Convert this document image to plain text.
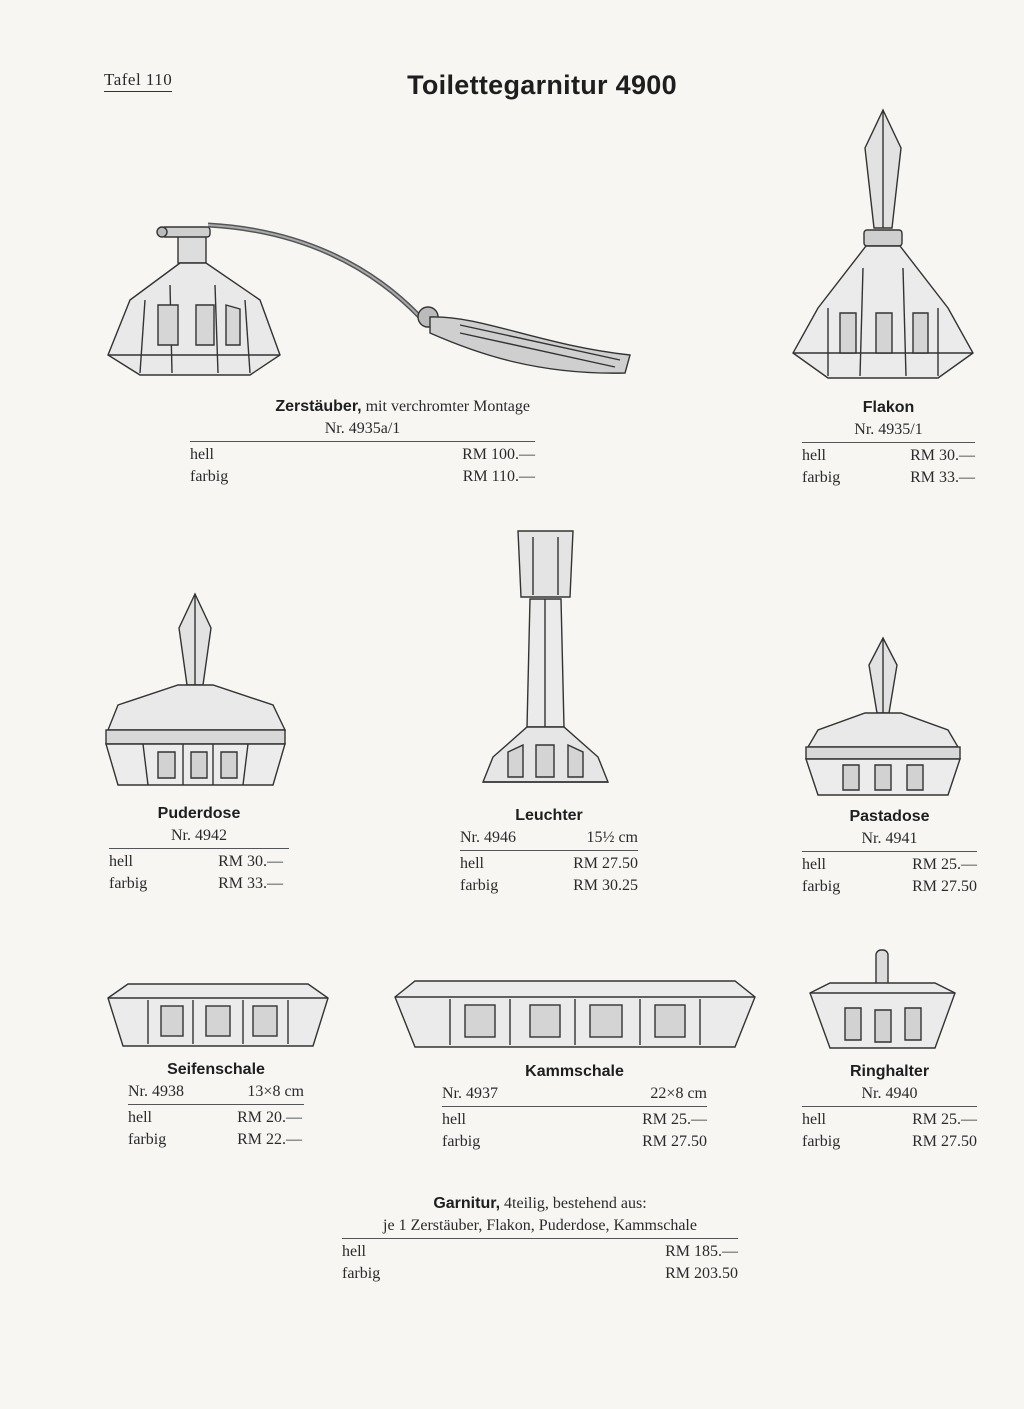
Tafel 110	Toilettegarnitur 4900
Zerstäuber, mit verchromter Montage
Nr. 4935a/1
hell	RM 100.—
farbig	RM 110.—
Flakon
Nr. 4935/1
hell	RM 30.—
farbig	RM 33.—
Puderdose
Nr. 4942
hell	RM 30.—
farbig	RM 33.—
Leuchter
Nr. 4946	15½ cm
hell	RM 27.50
farbig	RM 30.25
Pastadose
Nr. 4941
hell	RM 25.—
farbig	RM 27.50
Seifenschale
Nr. 4938	13×8 cm
hell	RM 20.—
farbig	RM 22.—
Kammschale
Nr. 4937	22×8 cm
hell	RM 25.—
farbig	RM 27.50
Ringhalter
Nr. 4940
hell	RM 25.—
farbig	RM 27.50
Garnitur, 4teilig, bestehend aus:
je 1 Zerstäuber, Flakon, Puderdose, Kammschale
hell	RM 185.—
farbig	RM 203.50
